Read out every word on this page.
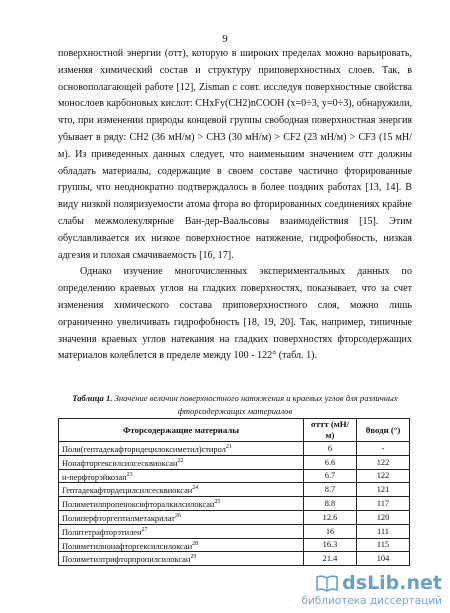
9

поверхностной энергии (σтт), которую в широких пределах можно варьировать, изменяя химический состав и структуру приповерхностных слоев. Так, в основополагающей работе [12], Zisman с совт. исследуя поверхностные свойства монослоев карбоновых кислот: CHxFy(CH2)nCOOH (x=0÷3, y=0÷3), обнаружили, что, при изменении природы концевой группы свободная поверхностная энергия убывает в ряду: CH2 (36 мН/м) > CH3 (30 мН/м) > CF2 (23 мН/м) > CF3 (15 мН/м). Из приведенных данных следует, что наименьшим значением σтт должны обладать материалы, содержащие в своем составе частично фторированные группы, что неоднократно подтверждалось в более поздних работах [13, 14]. В виду низкой поляризуемости атома фтора во фторированных соединениях крайне слабы межмолекулярные Ван-дер-Ваальсовы взаимодействия [15]. Этим обуславливается их низкое поверхностное натяжение, гидрофобность, низкая адгезия и плохая смачиваемость [16, 17].

Однако изучение многочисленных экспериментальных данных по определению краевых углов на гладких поверхностях, показывает, что за счет изменения химического состава приповерхностного слоя, можно лишь ограниченно увеличивать гидрофобность [18, 19, 20]. Так, например, типичные значения краевых углов натекания на гладких поверхностях фторсодержащих материалов колеблется в пределе между 100 - 122° (табл. 1).

Таблица 1. Значение величин поверхностного натяжения и краевых углов для различных фторсодержащих материалов
Фторсодержащие материалы	σттт (мН/м)	θводн (°)
Поли(гептадекафторидецилоксиметил)стирол$^{21}$	6	-
Нонафторгексилсилсесквиоксан$^{22}$	6.6	122
н-перфторэйкозан$^{23}$	6.7	122
Гептадекафтордецилсилсесквиоксан$^{24}$	8.7	121
Полиметилпропеноксифторалкилсилоксан$^{25}$	8.8	117
Полиперфторгептилметакрилат$^{26}$	12.6	120
Политетрафторэтилен$^{27}$	16	111
Полиметилнонафторгексилсилоксан$^{28}$	16.3	115
Полиметилтрифторпропилсилоксан$^{29}$	21.4	104
dsLib.net
библиотека диссертаций
